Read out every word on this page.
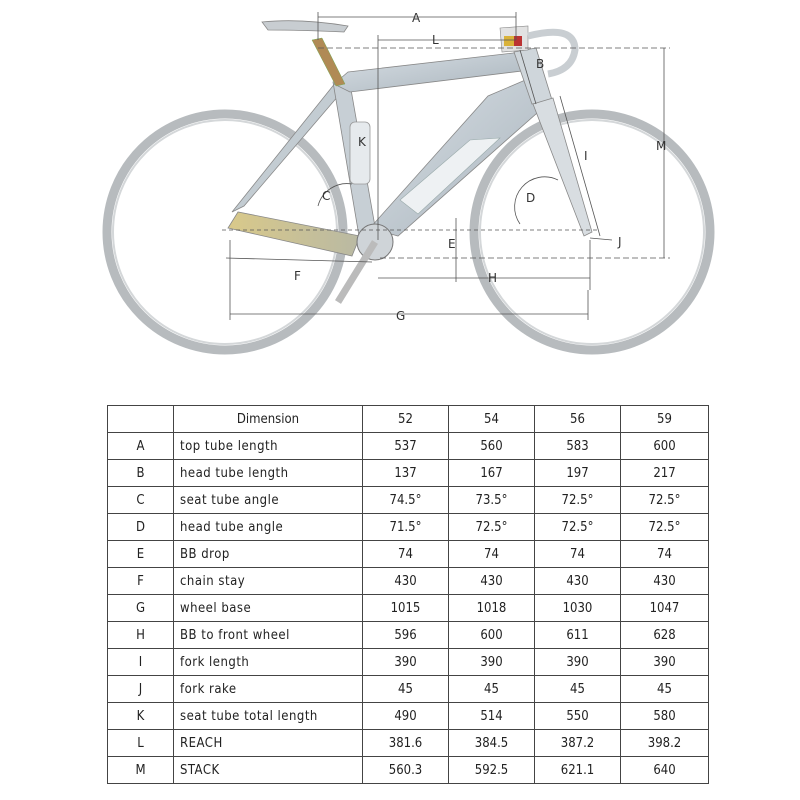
A
B
C	D
E
F
G
H
I
J
K
L
M
	Dimension	52	54	56	59
A	top tube length	537	560	583	600
B	head tube length	137	167	197	217
C	seat tube angle	74.5°	73.5°	72.5°	72.5°
D	head tube angle	71.5°	72.5°	72.5°	72.5°
E	BB drop	74	74	74	74
F	chain stay	430	430	430	430
G	wheel base	1015	1018	1030	1047
H	BB to front wheel	596	600	611	628
I	fork length	390	390	390	390
J	fork rake	45	45	45	45
K	seat tube total length	490	514	550	580
L	REACH	381.6	384.5	387.2	398.2
M	STACK	560.3	592.5	621.1	640
